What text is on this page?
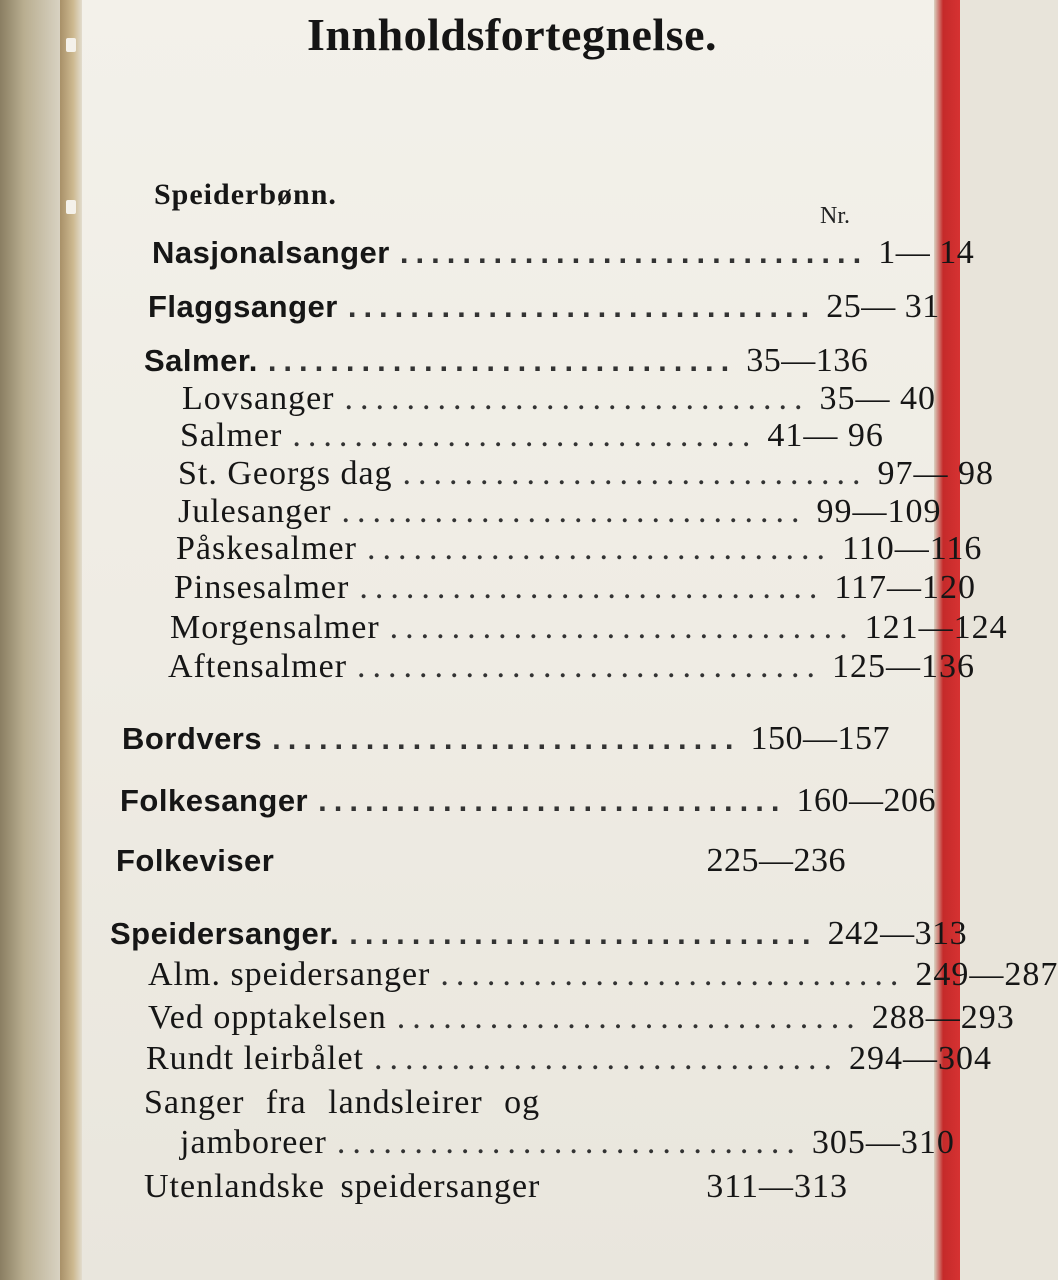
Innholdsfortegnelse.
Nr.
Speiderbønn.
Nasjonalsanger .............................. 1— 14
Flaggsanger .............................. 25— 31
Salmer. .............................. 35—136
Lovsanger .............................. 35— 40
Salmer .............................. 41— 96
St. Georgs dag .............................. 97— 98
Julesanger .............................. 99—109
Påskesalmer .............................. 110—116
Pinsesalmer .............................. 117—120
Morgensalmer .............................. 121—124
Aftensalmer .............................. 125—136
Bordvers .............................. 150—157
Folkesanger .............................. 160—206
Folkeviser	225—236
Speidersanger. .............................. 242—313
Alm. speidersanger .............................. 249—287
Ved opptakelsen .............................. 288—293
Rundt leirbålet .............................. 294—304
Sanger fra landsleirer og
jamboreer .............................. 305—310
Utenlandske speidersanger	311—313
